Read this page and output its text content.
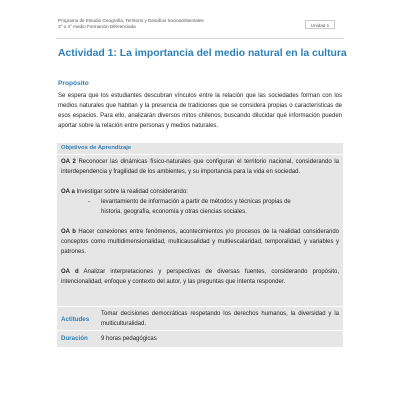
Programa de Estudio Geografía, Territorio y Desafíos Socioambientales
3° o 4° medio Formación Diferenciada	Unidad 1
Actividad 1: La importancia del medio natural en la cultura
Propósito
Se espera que los estudiantes descubran vínculos entre la relación que las sociedades forman con los medios naturales que habitan y la presencia de tradiciones que se considera propias o características de esos espacios. Para ello, analizarán diversos mitos chilenos, buscando dilucidar qué información pueden aportar sobre la relación entre personas y medios naturales.
Objetivos de Aprendizaje
OA 2 Reconocer las dinámicas físico-naturales que configuran el territorio nacional, considerando la interdependencia y fragilidad de los ambientes, y su importancia para la vida en sociedad.
OA a Investigar sobre la realidad considerando:
- levantamiento de información a partir de métodos y técnicas propias de historia, geografía, economía y otras ciencias sociales.
OA b Hacer conexiones entre fenómenos, acontecimientos y/o procesos de la realidad considerando conceptos como multidimensionalidad, multicausalidad y multiescalaridad, temporalidad, y variables y patrones.
OA d Analizar interpretaciones y perspectivas de diversas fuentes, considerando propósito, intencionalidad, enfoque y contexto del autor, y las preguntas que intenta responder.
Actitudes
Tomar decisiones democráticas respetando los derechos humanos, la diversidad y la multiculturalidad.
Duración 9 horas pedagógicas
